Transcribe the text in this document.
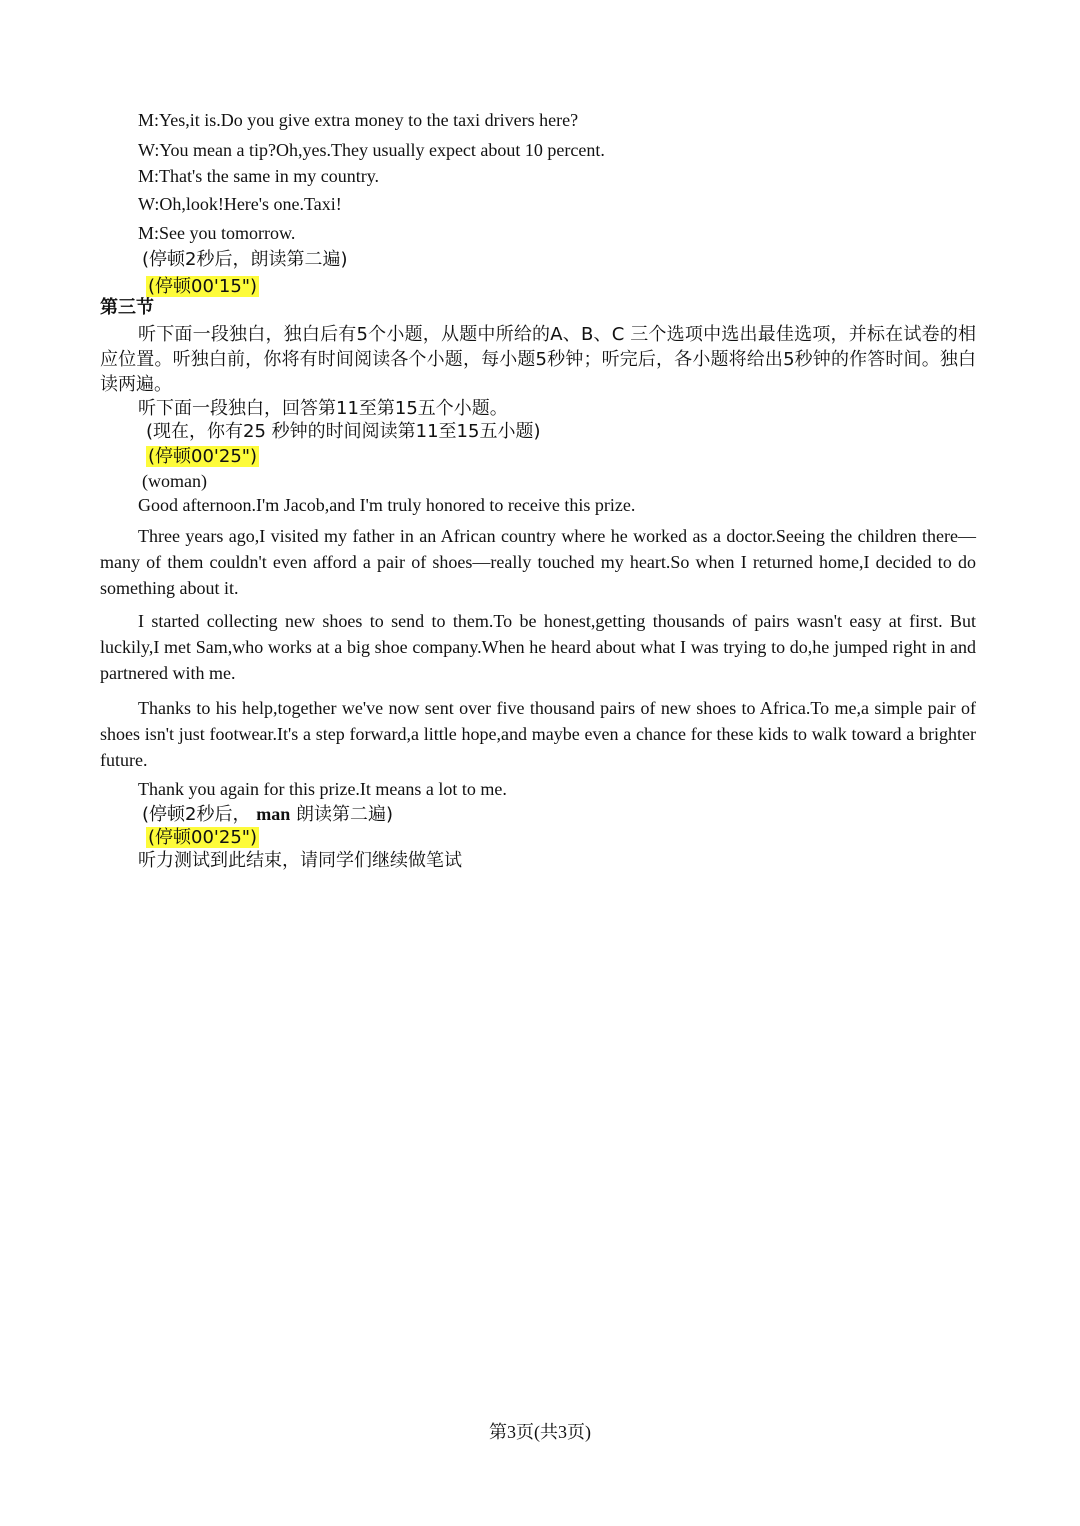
M:Yes,it is.Do you give extra money to the taxi drivers here?
W:You mean a tip?Oh,yes.They usually expect about 10 percent.
M:That's the same in my country.
W:Oh,look!Here's one.Taxi!
M:See you tomorrow.
(停顿2秒后，朗读第二遍)
(停顿00'15")
第三节
听下面一段独白，独白后有5个小题，从题中所给的A、B、C 三个选项中选出最佳选项，并标在试卷的相应位置。听独白前，你将有时间阅读各个小题，每小题5秒钟；听完后，各小题将给出5秒钟的作答时间。独白读两遍。
听下面一段独白，回答第11至第15五个小题。
(现在，你有25 秒钟的时间阅读第11至15五小题)
(停顿00'25")
(woman)
Good afternoon.I'm Jacob,and I'm truly honored to receive this prize.
Three years ago,I visited my father in an African country where he worked as a doctor.Seeing the children there—many of them couldn't even afford a pair of shoes—really touched my heart.So when I returned home,I decided to do something about it.
I started collecting new shoes to send to them.To be honest,getting thousands of pairs wasn't easy at first. But luckily,I met Sam,who works at a big shoe company.When he heard about what I was trying to do,he jumped right in and partnered with me.
Thanks to his help,together we've now sent over five thousand pairs of new shoes to Africa.To me,a simple pair of shoes isn't just footwear.It's a step forward,a little hope,and maybe even a chance for these kids to walk toward a brighter future.
Thank you again for this prize.It means a lot to me.
(停顿2秒后， man 朗读第二遍)
(停顿00'25")
听力测试到此结束，请同学们继续做笔试
第3页(共3页)
